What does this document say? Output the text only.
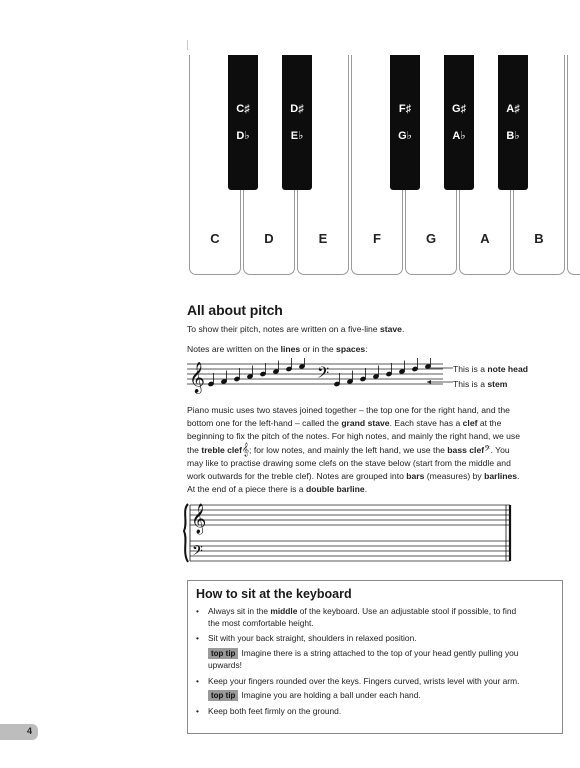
C	D	E	F	G	A	B
C♯
D♭
D♯
E♭
F♯
G♭
G♯
A♭
A♯
B♭
All about pitch
To show their pitch, notes are written on a five-line stave.
Notes are written on the lines or in the spaces:
𝄞	𝄢	This is a note head
This is a stem
Piano music uses two staves joined together – the top one for the right hand, and the
bottom one for the left-hand – called the grand stave. Each stave has a clef at the
beginning to fix the pitch of the notes. For high notes, and mainly the right hand, we use
the treble clef𝄞; for low notes, and mainly the left hand, we use the bass clef𝄢. You
may like to practise drawing some clefs on the stave below (start from the middle and
work outwards for the treble clef). Notes are grouped into bars (measures) by barlines.
At the end of a piece there is a double barline.
𝄞
𝄢
How to sit at the keyboard
• Always sit in the middle of the keyboard. Use an adjustable stool if possible, to find
the most comfortable height.
• Sit with your back straight, shoulders in relaxed position.
top tip Imagine there is a string attached to the top of your head gently pulling you
upwards!
• Keep your fingers rounded over the keys. Fingers curved, wrists level with your arm.
top tip Imagine you are holding a ball under each hand.
• Keep both feet firmly on the ground.
4
